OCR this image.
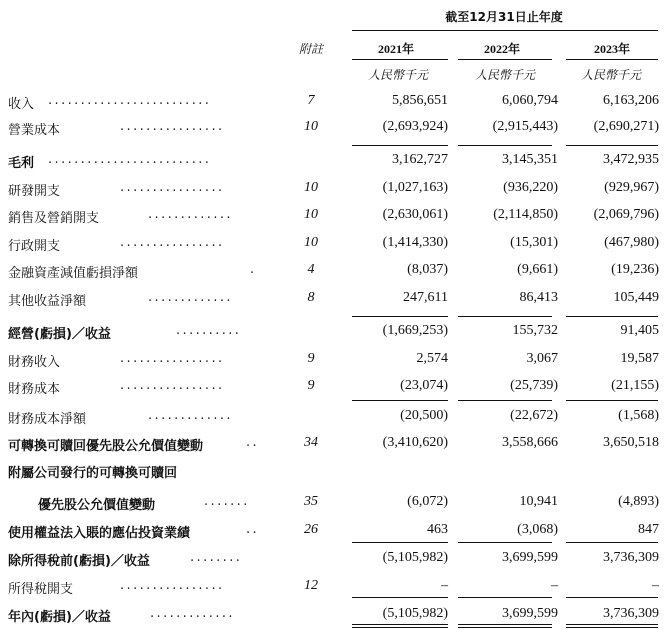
截至12月31日止年度
附註	2021年	2022年	2023年
人民幣千元	人民幣千元	人民幣千元
收入 .........................	7	5,856,651	6,060,794	6,163,206
營業成本	................	10	(2,693,924)	(2,915,443)	(2,690,271)
毛利 .........................	3,162,727	3,145,351	3,472,935
研發開支	................	10	(1,027,163)	(936,220)	(929,967)
銷售及營銷開支	.............	10	(2,630,061)	(2,114,850)	(2,069,796)
行政開支	................	10	(1,414,330)	(15,301)	(467,980)
金融資產減值虧損淨額	.	4	(8,037)	(9,661)	(19,236)
其他收益淨額	.............	8	247,611	86,413	105,449
經營(虧損)／收益	..........	(1,669,253)	155,732	91,405
財務收入	................	9	2,574	3,067	19,587
財務成本	................	9	(23,074)	(25,739)	(21,155)
財務成本淨額	.............	(20,500)	(22,672)	(1,568)
可轉換可贖回優先股公允價值變動	..	34	(3,410,620)	3,558,666	3,650,518
附屬公司發行的可轉換可贖回
優先股公允價值變動	.......	35	(6,072)	10,941	(4,893)
使用權益法入賬的應佔投資業績	..	26	463	(3,068)	847
除所得稅前(虧損)／收益	........	(5,105,982)	3,699,599	3,736,309
所得稅開支	................	12	–	–	–
年內(虧損)／收益	.............	(5,105,982)	3,699,599	3,736,309
